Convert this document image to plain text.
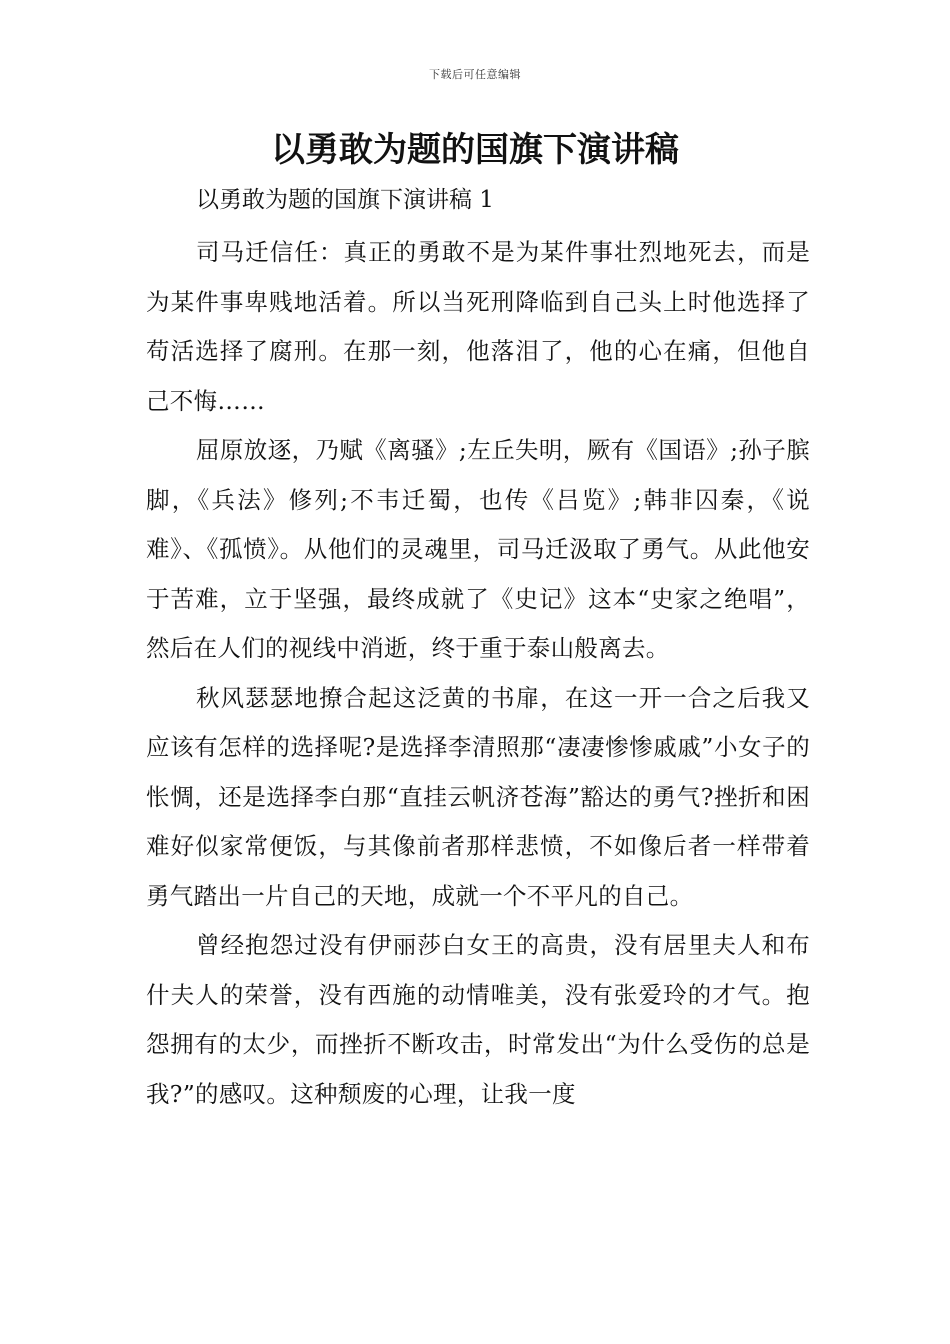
下载后可任意编辑
以勇敢为题的国旗下演讲稿
以勇敢为题的国旗下演讲稿 1

司马迁信任：真正的勇敢不是为某件事壮烈地死去，而是为某件事卑贱地活着。所以当死刑降临到自己头上时他选择了苟活选择了腐刑。在那一刻，他落泪了，他的心在痛，但他自己不悔……

屈原放逐，乃赋《离骚》;左丘失明，厥有《国语》;孙子膑脚，《兵法》修列;不韦迁蜀，也传《吕览》;韩非囚秦，《说难》、《孤愤》。从他们的灵魂里，司马迁汲取了勇气。从此他安于苦难，立于坚强，最终成就了《史记》这本“史家之绝唱”，然后在人们的视线中消逝，终于重于泰山般离去。

秋风瑟瑟地撩合起这泛黄的书扉，在这一开一合之后我又应该有怎样的选择呢?是选择李清照那“凄凄惨惨戚戚”小女子的怅惆，还是选择李白那“直挂云帆济苍海”豁达的勇气?挫折和困难好似家常便饭，与其像前者那样悲愤，不如像后者一样带着勇气踏出一片自己的天地，成就一个不平凡的自己。

曾经抱怨过没有伊丽莎白女王的高贵，没有居里夫人和布什夫人的荣誉，没有西施的动情唯美，没有张爱玲的才气。抱怨拥有的太少，而挫折不断攻击，时常发出“为什么受伤的总是我?”的感叹。这种颓废的心理，让我一度
